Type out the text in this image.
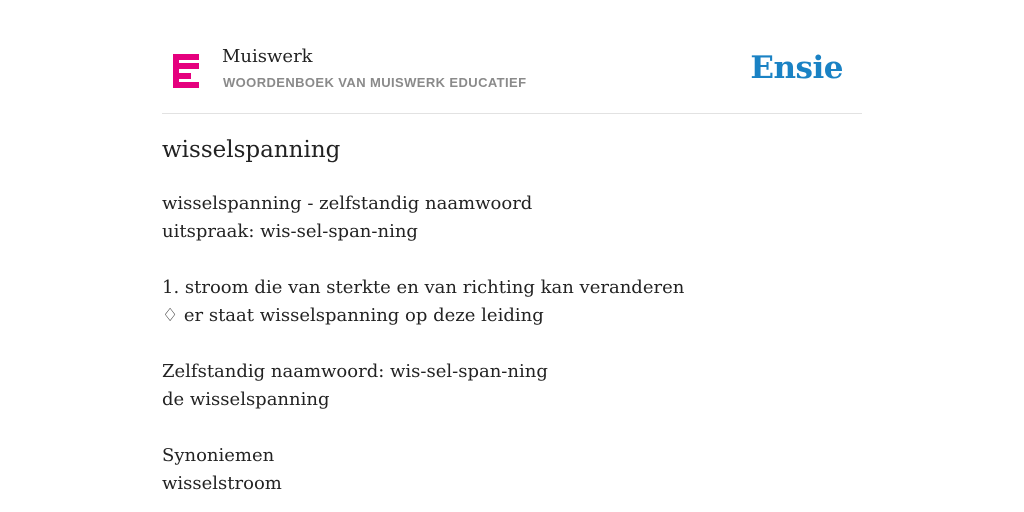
Muiswerk
WOORDENBOEK VAN MUISWERK EDUCATIEF	Ensie
wisselspanning
wisselspanning - zelfstandig naamwoord
uitspraak: wis-sel-span-ning
1. stroom die van sterkte en van richting kan veranderen
♢ er staat wisselspanning op deze leiding
Zelfstandig naamwoord: wis-sel-span-ning
de wisselspanning
Synoniemen
wisselstroom
